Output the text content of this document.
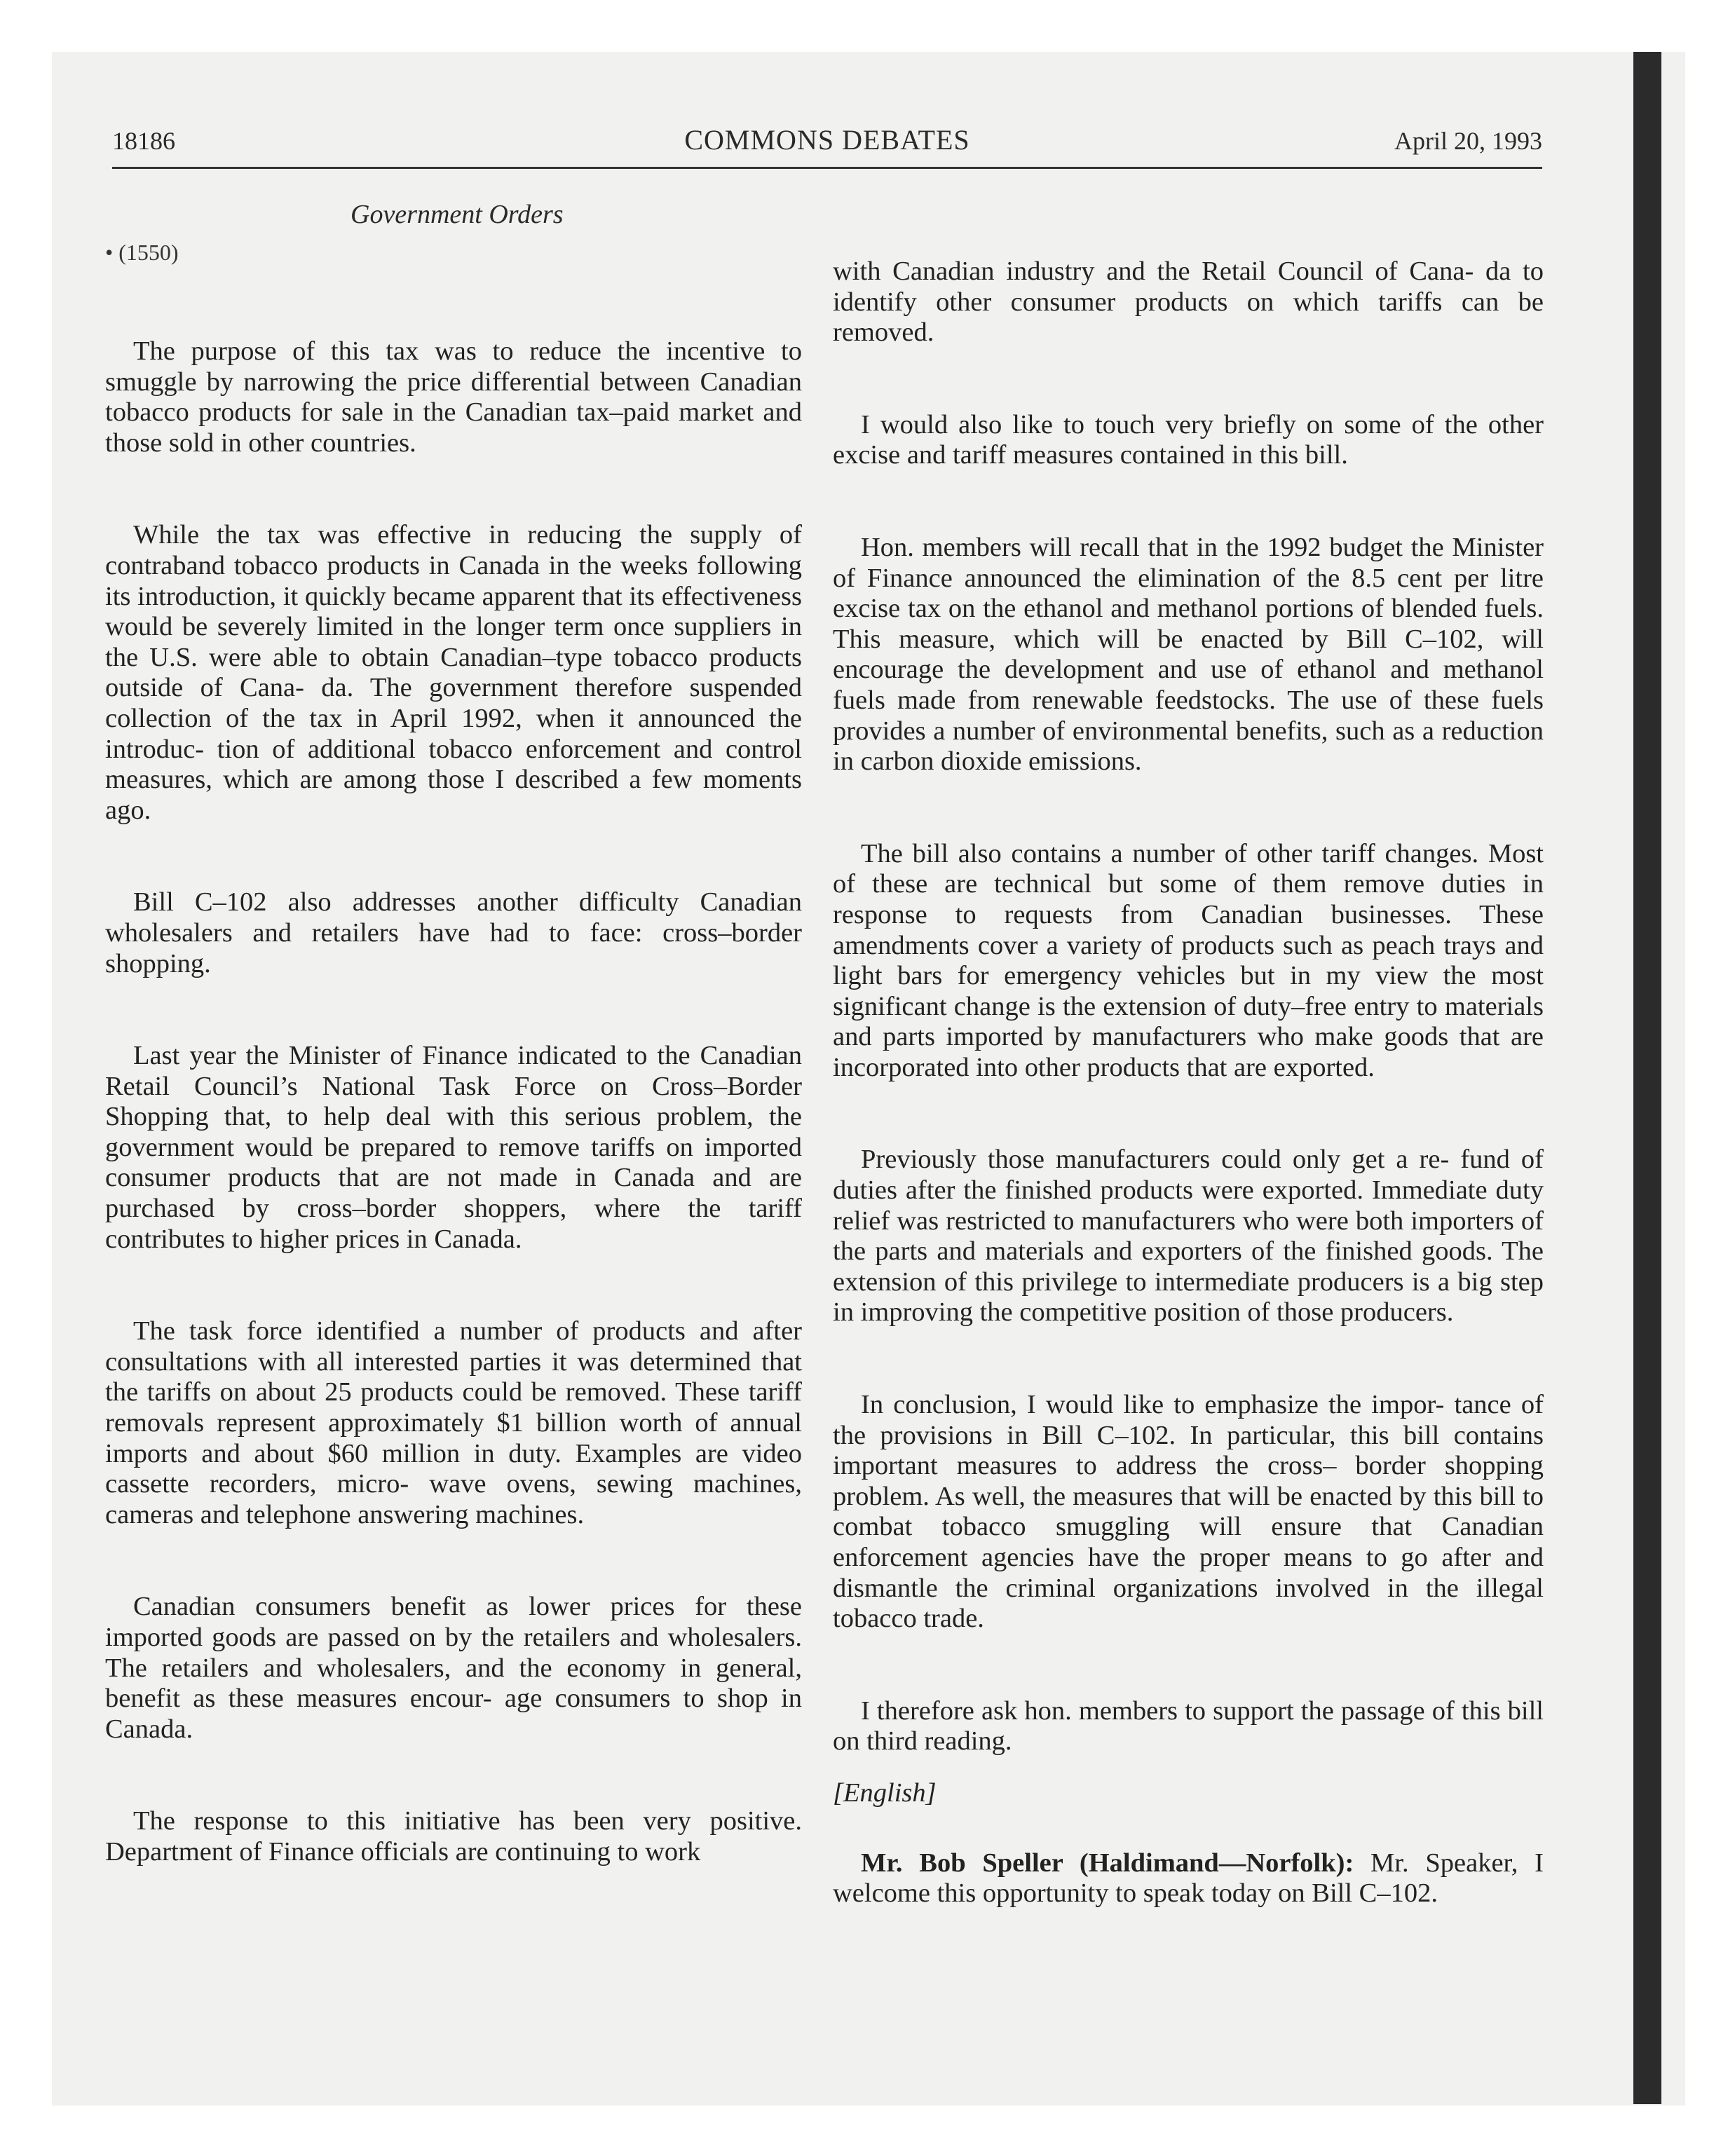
18186	COMMONS DEBATES	April 20, 1993
Government Orders
• (1550)

The purpose of this tax was to reduce the incentive to smuggle by narrowing the price differential between Canadian tobacco products for sale in the Canadian tax–paid market and those sold in other countries.

While the tax was effective in reducing the supply of contraband tobacco products in Canada in the weeks following its introduction, it quickly became apparent that its effectiveness would be severely limited in the longer term once suppliers in the U.S. were able to obtain Canadian–type tobacco products outside of Cana- da. The government therefore suspended collection of the tax in April 1992, when it announced the introduc- tion of additional tobacco enforcement and control measures, which are among those I described a few moments ago.

Bill C–102 also addresses another difficulty Canadian wholesalers and retailers have had to face: cross–border shopping.

Last year the Minister of Finance indicated to the Canadian Retail Council’s National Task Force on Cross–Border Shopping that, to help deal with this serious problem, the government would be prepared to remove tariffs on imported consumer products that are not made in Canada and are purchased by cross–border shoppers, where the tariff contributes to higher prices in Canada.

The task force identified a number of products and after consultations with all interested parties it was determined that the tariffs on about 25 products could be removed. These tariff removals represent approximately $1 billion worth of annual imports and about $60 million in duty. Examples are video cassette recorders, micro- wave ovens, sewing machines, cameras and telephone answering machines.

Canadian consumers benefit as lower prices for these imported goods are passed on by the retailers and wholesalers. The retailers and wholesalers, and the economy in general, benefit as these measures encour- age consumers to shop in Canada.

The response to this initiative has been very positive. Department of Finance officials are continuing to work

with Canadian industry and the Retail Council of Cana- da to identify other consumer products on which tariffs can be removed.

I would also like to touch very briefly on some of the other excise and tariff measures contained in this bill.

Hon. members will recall that in the 1992 budget the Minister of Finance announced the elimination of the 8.5 cent per litre excise tax on the ethanol and methanol portions of blended fuels. This measure, which will be enacted by Bill C–102, will encourage the development and use of ethanol and methanol fuels made from renewable feedstocks. The use of these fuels provides a number of environmental benefits, such as a reduction in carbon dioxide emissions.

The bill also contains a number of other tariff changes. Most of these are technical but some of them remove duties in response to requests from Canadian businesses. These amendments cover a variety of products such as peach trays and light bars for emergency vehicles but in my view the most significant change is the extension of duty–free entry to materials and parts imported by manufacturers who make goods that are incorporated into other products that are exported.

Previously those manufacturers could only get a re- fund of duties after the finished products were exported. Immediate duty relief was restricted to manufacturers who were both importers of the parts and materials and exporters of the finished goods. The extension of this privilege to intermediate producers is a big step in improving the competitive position of those producers.

In conclusion, I would like to emphasize the impor- tance of the provisions in Bill C–102. In particular, this bill contains important measures to address the cross– border shopping problem. As well, the measures that will be enacted by this bill to combat tobacco smuggling will ensure that Canadian enforcement agencies have the proper means to go after and dismantle the criminal organizations involved in the illegal tobacco trade.

I therefore ask hon. members to support the passage of this bill on third reading.

[English]

Mr. Bob Speller (Haldimand—Norfolk): Mr. Speaker, I welcome this opportunity to speak today on Bill C–102.
